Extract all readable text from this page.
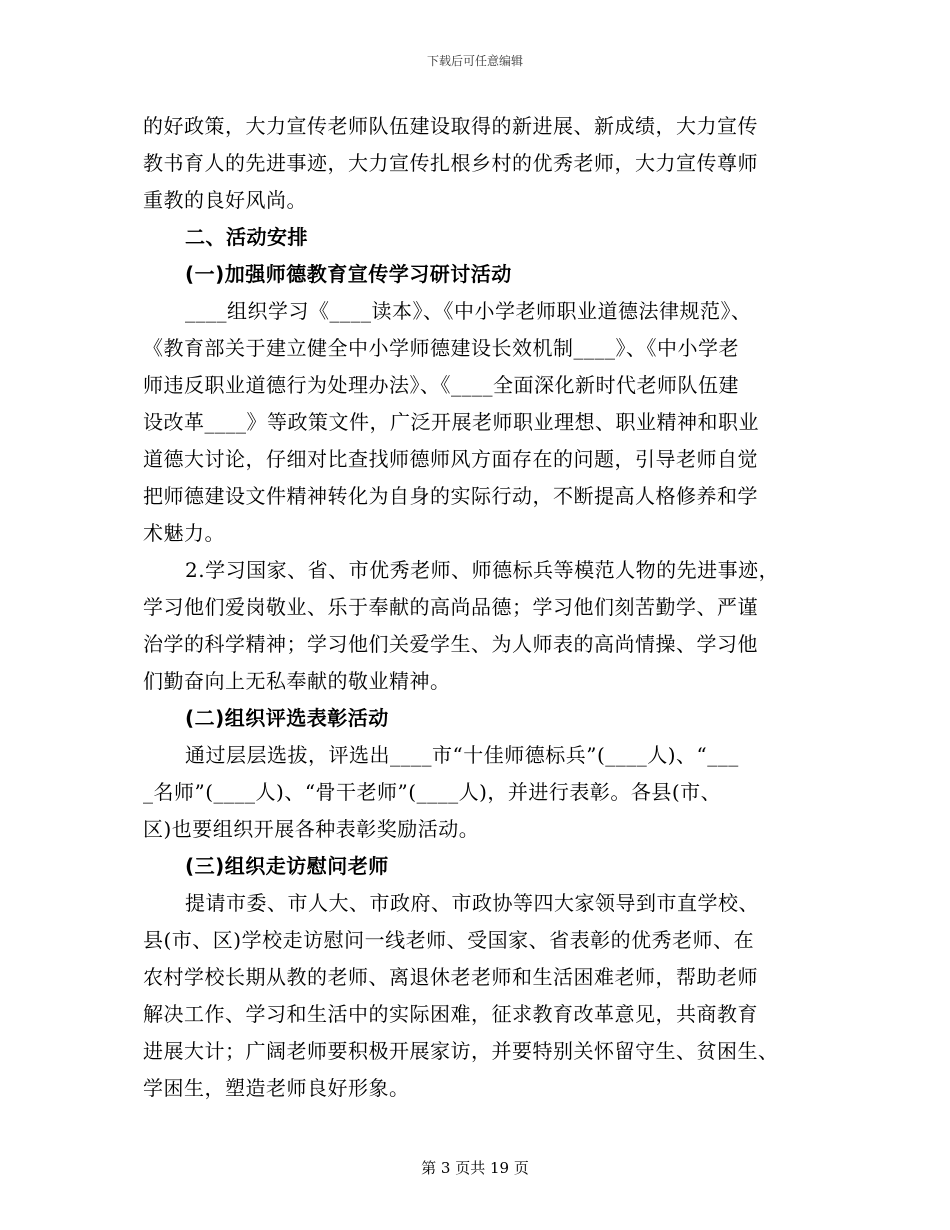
下载后可任意编辑
的好政策，大力宣传老师队伍建设取得的新进展、新成绩，大力宣传
教书育人的先进事迹，大力宣传扎根乡村的优秀老师，大力宣传尊师
重教的良好风尚。
二、活动安排
(一)加强师德教育宣传学习研讨活动
____组织学习《____读本》、《中小学老师职业道德法律规范》、
《教育部关于建立健全中小学师德建设长效机制____》、《中小学老
师违反职业道德行为处理办法》、《____全面深化新时代老师队伍建
设改革____》等政策文件，广泛开展老师职业理想、职业精神和职业
道德大讨论，仔细对比查找师德师风方面存在的问题，引导老师自觉
把师德建设文件精神转化为自身的实际行动，不断提高人格修养和学
术魅力。
2.学习国家、省、市优秀老师、师德标兵等模范人物的先进事迹，
学习他们爱岗敬业、乐于奉献的高尚品德；学习他们刻苦勤学、严谨
治学的科学精神；学习他们关爱学生、为人师表的高尚情操、学习他
们勤奋向上无私奉献的敬业精神。
(二)组织评选表彰活动
通过层层选拔，评选出____市“十佳师德标兵”(____人)、“___
_名师”(____人)、“骨干老师”(____人)，并进行表彰。各县(市、
区)也要组织开展各种表彰奖励活动。
(三)组织走访慰问老师
提请市委、市人大、市政府、市政协等四大家领导到市直学校、
县(市、区)学校走访慰问一线老师、受国家、省表彰的优秀老师、在
农村学校长期从教的老师、离退休老老师和生活困难老师，帮助老师
解决工作、学习和生活中的实际困难，征求教育改革意见，共商教育
进展大计；广阔老师要积极开展家访，并要特别关怀留守生、贫困生、
学困生，塑造老师良好形象。
第 3 页共 19 页
